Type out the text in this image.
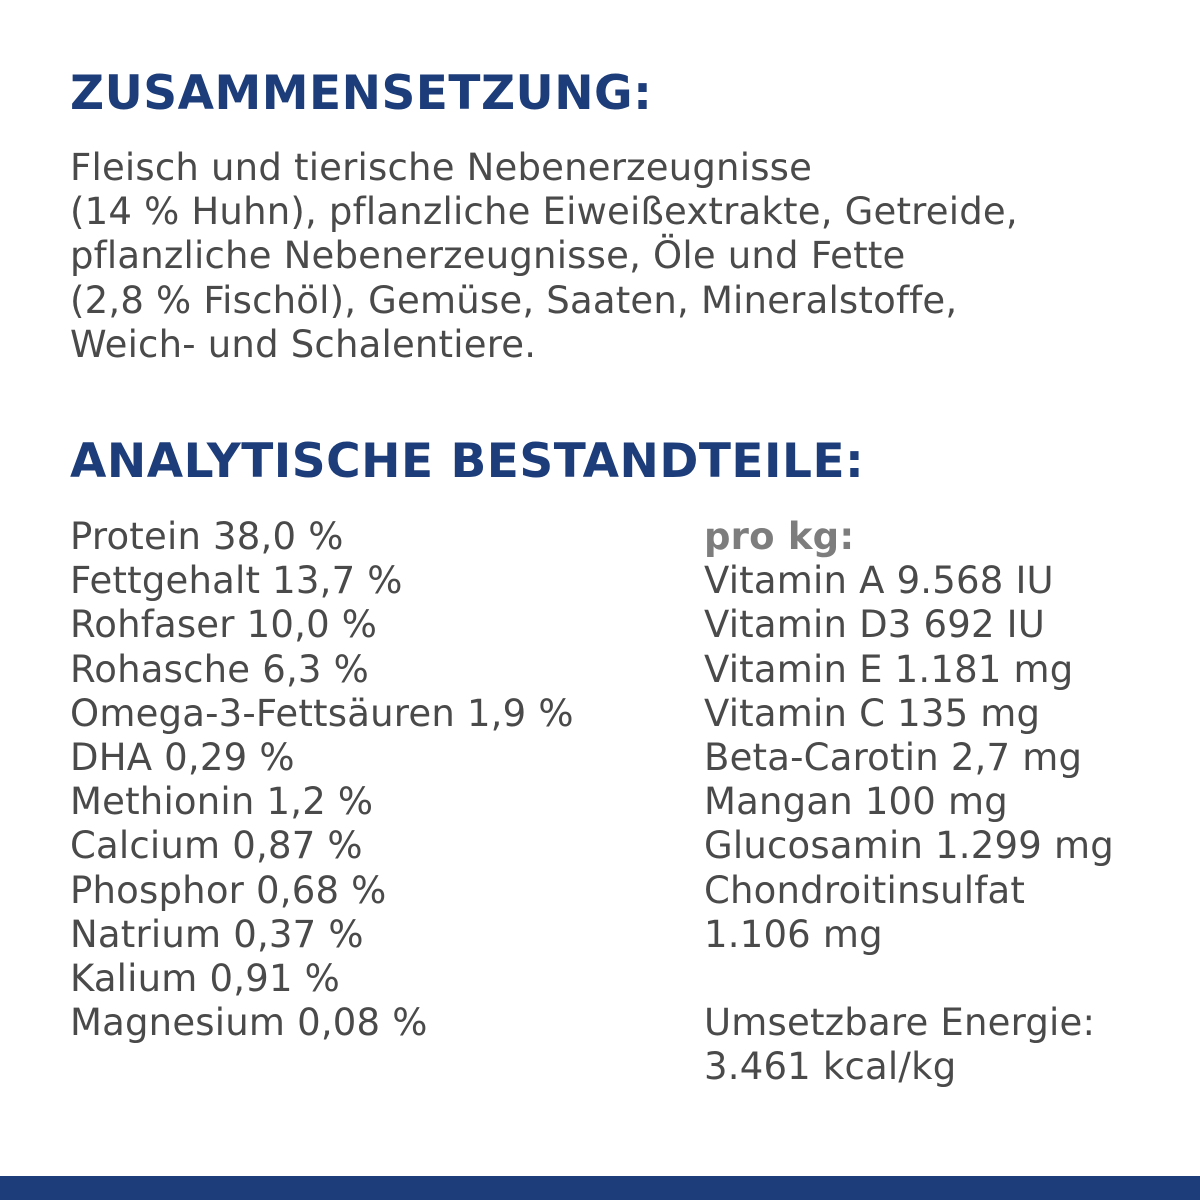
ZUSAMMENSETZUNG:
Fleisch und tierische Nebenerzeugnisse
(14 % Huhn), pflanzliche Eiweißextrakte, Getreide,
pflanzliche Nebenerzeugnisse, Öle und Fette
(2,8 % Fischöl), Gemüse, Saaten, Mineralstoffe,
Weich- und Schalentiere.
ANALYTISCHE BESTANDTEILE:
Protein 38,0 %
Fettgehalt 13,7 %
Rohfaser 10,0 %
Rohasche 6,3 %
Omega-3-Fettsäuren 1,9 %
DHA 0,29 %
Methionin 1,2 %
Calcium 0,87 %
Phosphor 0,68 %
Natrium 0,37 %
Kalium 0,91 %
Magnesium 0,08 %
pro kg:
Vitamin A 9.568 IU
Vitamin D3 692 IU
Vitamin E 1.181 mg
Vitamin C 135 mg
Beta-Carotin 2,7 mg
Mangan 100 mg
Glucosamin 1.299 mg
Chondroitinsulfat
1.106 mg
Umsetzbare Energie:
3.461 kcal/kg
